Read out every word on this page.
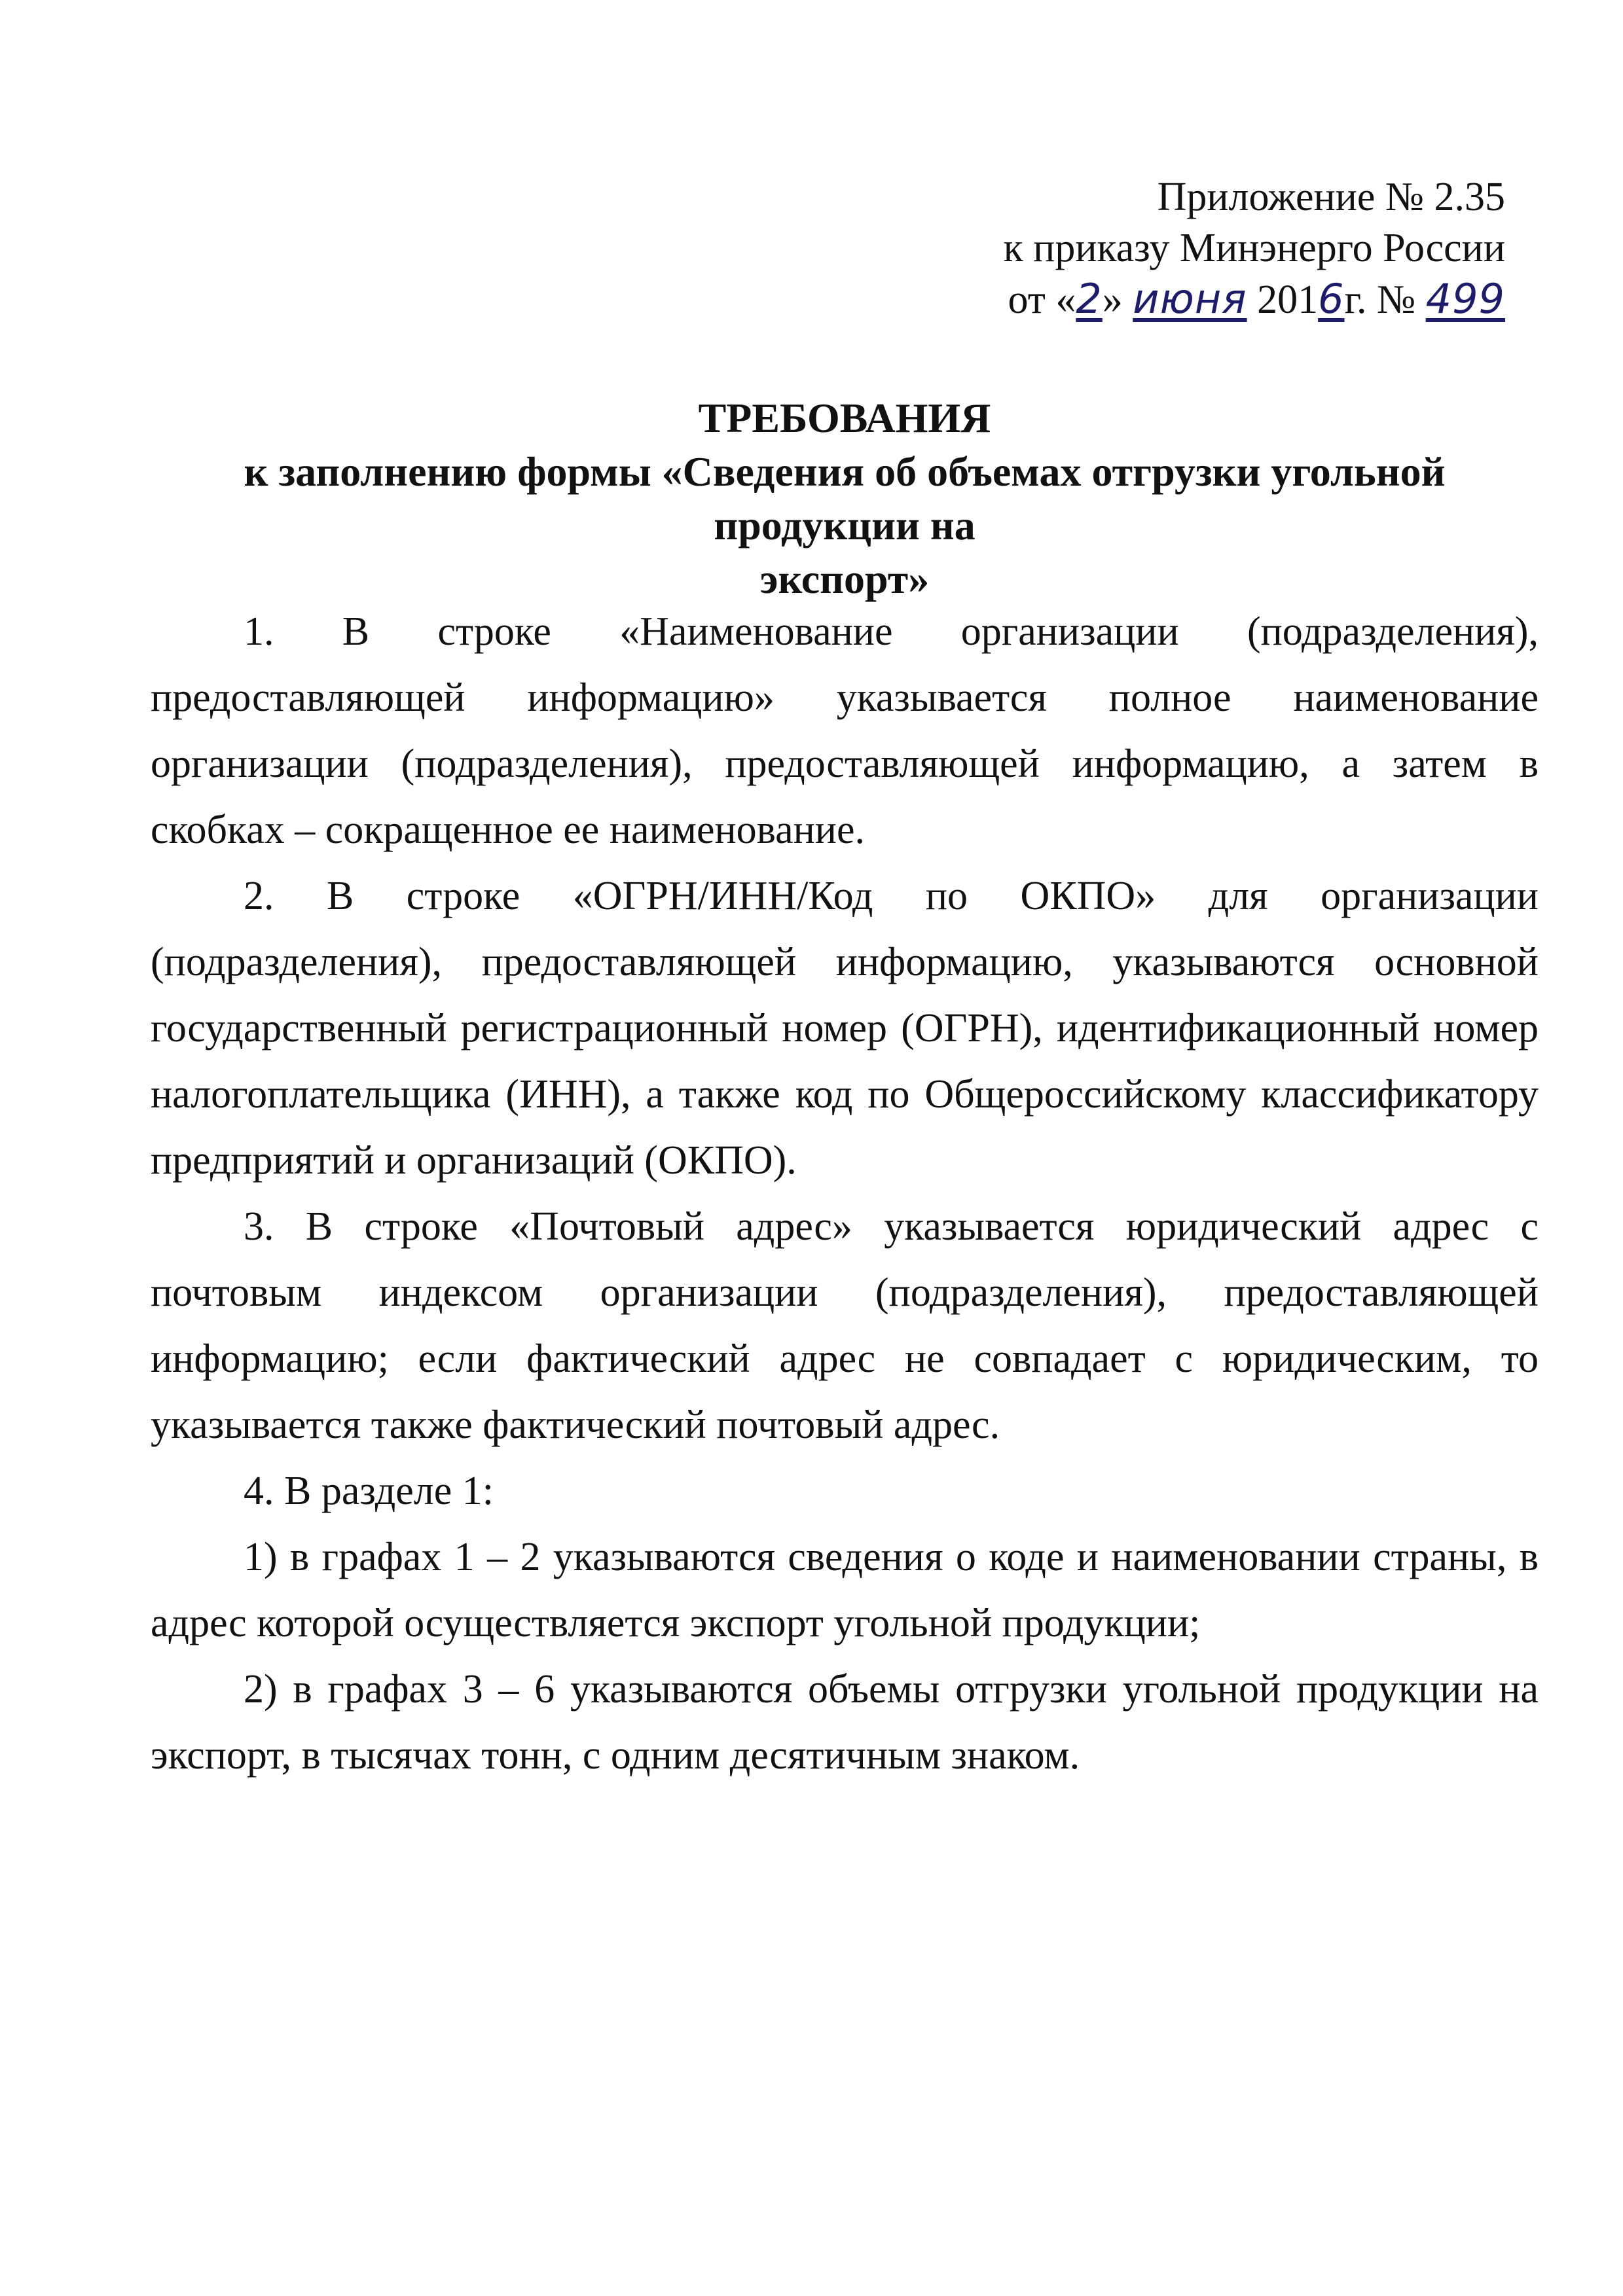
Приложение № 2.35
к приказу Минэнерго России
от «2» июня 2016г. № 499
ТРЕБОВАНИЯ
к заполнению формы «Сведения об объемах отгрузки угольной продукции на
экспорт»

1. В строке «Наименование организации (подразделения), предоставляющей информацию» указывается полное наименование организации (подразделения), предоставляющей информацию, а затем в скобках – сокращенное ее наименование.

2. В строке «ОГРН/ИНН/Код по ОКПО» для организации (подразделения), предоставляющей информацию, указываются основной государственный регистрационный номер (ОГРН), идентификационный номер налогоплательщика (ИНН), а также код по Общероссийскому классификатору предприятий и организаций (ОКПО).

3. В строке «Почтовый адрес» указывается юридический адрес с почтовым индексом организации (подразделения), предоставляющей информацию; если фактический адрес не совпадает с юридическим, то указывается также фактический почтовый адрес.

4. В разделе 1:

1) в графах 1 – 2 указываются сведения о коде и наименовании страны, в адрес которой осуществляется экспорт угольной продукции;

2) в графах 3 – 6 указываются объемы отгрузки угольной продукции на экспорт, в тысячах тонн, с одним десятичным знаком.
